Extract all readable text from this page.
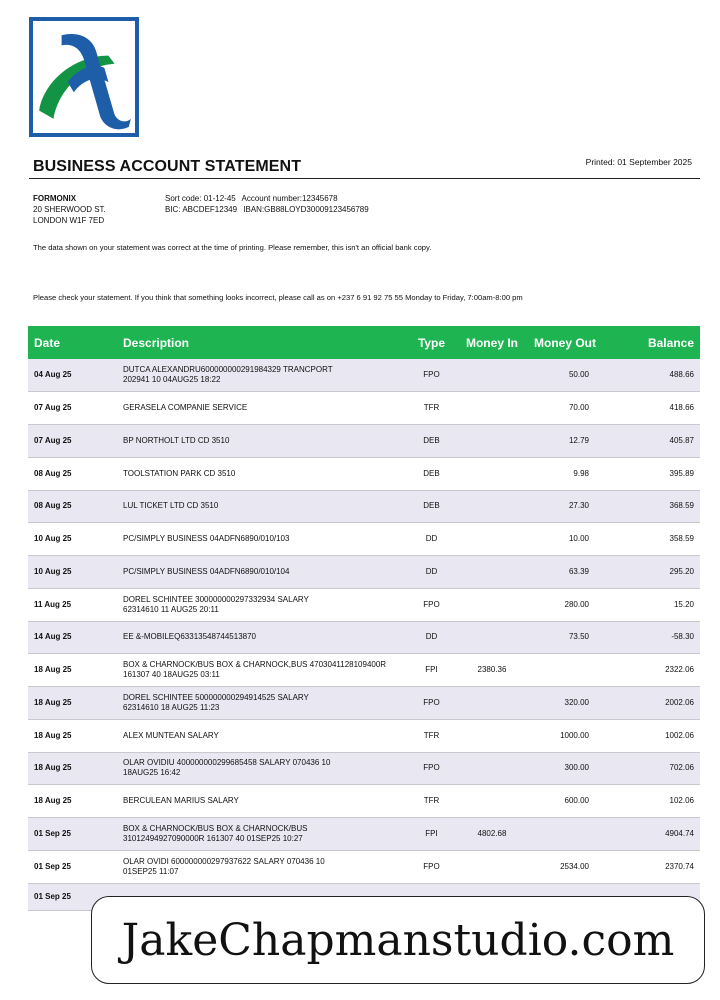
BUSINESS ACCOUNT STATEMENT	Printed: 01 September 2025
FORMONIX
20 SHERWOOD ST.
LONDON W1F 7ED
Sort code: 01-12-45 Account number:12345678
BIC: ABCDEF12349 IBAN:GB88LOYD30009123456789
The data shown on your statement was correct at the time of printing. Please remember, this isn't an official bank copy.
Please check your statement. If you think that something looks incorrect, please call as on +237 6 91 92 75 55 Monday to Friday, 7:00am-8:00 pm
Date	Description	Type	Money In	Money Out	Balance
04 Aug 25	DUTCA ALEXANDRU600000000291984329 TRANCPORT
202941 10 04AUG25 18:22	FPO		50.00	488.66
07 Aug 25	GERASELA COMPANIE SERVICE	TFR		70.00	418.66
07 Aug 25	BP NORTHOLT LTD CD 3510	DEB		12.79	405.87
08 Aug 25	TOOLSTATION PARK CD 3510	DEB		9.98	395.89
08 Aug 25	LUL TICKET LTD CD 3510	DEB		27.30	368.59
10 Aug 25	PC/SIMPLY BUSINESS 04ADFN6890/010/103	DD		10.00	358.59
10 Aug 25	PC/SIMPLY BUSINESS 04ADFN6890/010/104	DD		63.39	295.20
11 Aug 25	DOREL SCHINTEE 300000000297332934 SALARY
62314610 11 AUG25 20:11	FPO		280.00	15.20
14 Aug 25	EE &-MOBILEQ63313548744513870	DD		73.50	-58.30
18 Aug 25	BOX & CHARNOCK/BUS BOX & CHARNOCK,BUS 4703041128109400R
161307 40 18AUG25 03:11	FPI	2380.36		2322.06
18 Aug 25	DOREL SCHINTEE 500000000294914525 SALARY
62314610 18 AUG25 11:23	FPO		320.00	2002.06
18 Aug 25	ALEX MUNTEAN SALARY	TFR		1000.00	1002.06
18 Aug 25	OLAR OVIDIU 400000000299685458 SALARY 070436 10
18AUG25 16:42	FPO		300.00	702.06
18 Aug 25	BERCULEAN MARIUS SALARY	TFR		600.00	102.06
01 Sep 25	BOX & CHARNOCK/BUS BOX & CHARNOCK/BUS
31012494927090000R 161307 40 01SEP25 10:27	FPI	4802.68		4904.74
01 Sep 25	OLAR OVIDI 600000000297937622 SALARY 070436 10
01SEP25 11:07	FPO		2534.00	2370.74
01 Sep 25	

JakeChapmanstudio.com
